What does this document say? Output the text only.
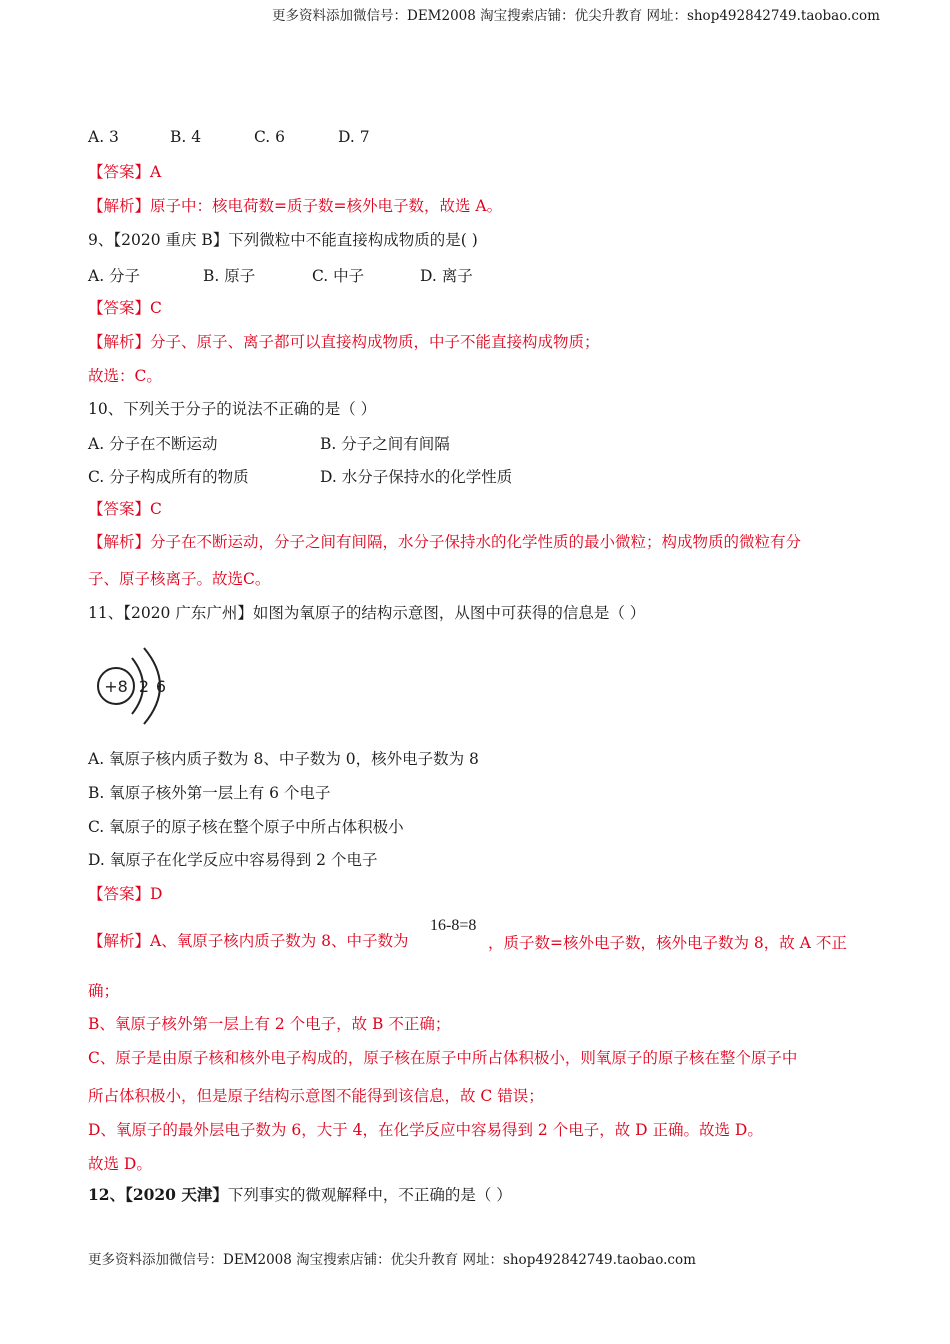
更多资料添加微信号：DEM2008 淘宝搜索店铺：优尖升教育 网址：shop492842749.taobao.com
A. 3	B. 4	C. 6	D. 7
【答案】A
【解析】原子中：核电荷数=质子数=核外电子数，故选 A。
9、【2020 重庆 B】下列微粒中不能直接构成物质的是( )
A. 分子	B. 原子	C. 中子	D. 离子
【答案】C
【解析】分子、原子、离子都可以直接构成物质，中子不能直接构成物质；
故选：C。
10、下列关于分子的说法不正确的是（ ）
A. 分子在不断运动	B. 分子之间有间隔
C. 分子构成所有的物质	D. 水分子保持水的化学性质
【答案】C
【解析】分子在不断运动，分子之间有间隔，水分子保持水的化学性质的最小微粒；构成物质的微粒有分
子、原子核离子。故选C。
11、【2020 广东广州】如图为氧原子的结构示意图，从图中可获得的信息是（ ）
+8 2 6
A. 氧原子核内质子数为 8、中子数为 0，核外电子数为 8
B. 氧原子核外第一层上有 6 个电子
C. 氧原子的原子核在整个原子中所占体积极小
D. 氧原子在化学反应中容易得到 2 个电子
【答案】D
【解析】A、氧原子核内质子数为 8、中子数为
16-8=8
，质子数=核外电子数，核外电子数为 8，故 A 不正
确；
B、氧原子核外第一层上有 2 个电子，故 B 不正确；
C、原子是由原子核和核外电子构成的，原子核在原子中所占体积极小，则氧原子的原子核在整个原子中
所占体积极小，但是原子结构示意图不能得到该信息，故 C 错误；
D、氧原子的最外层电子数为 6，大于 4，在化学反应中容易得到 2 个电子，故 D 正确。故选 D。
故选 D。
12、【2020 天津】下列事实的微观解释中，不正确的是（ ）
更多资料添加微信号：DEM2008 淘宝搜索店铺：优尖升教育 网址：shop492842749.taobao.com
